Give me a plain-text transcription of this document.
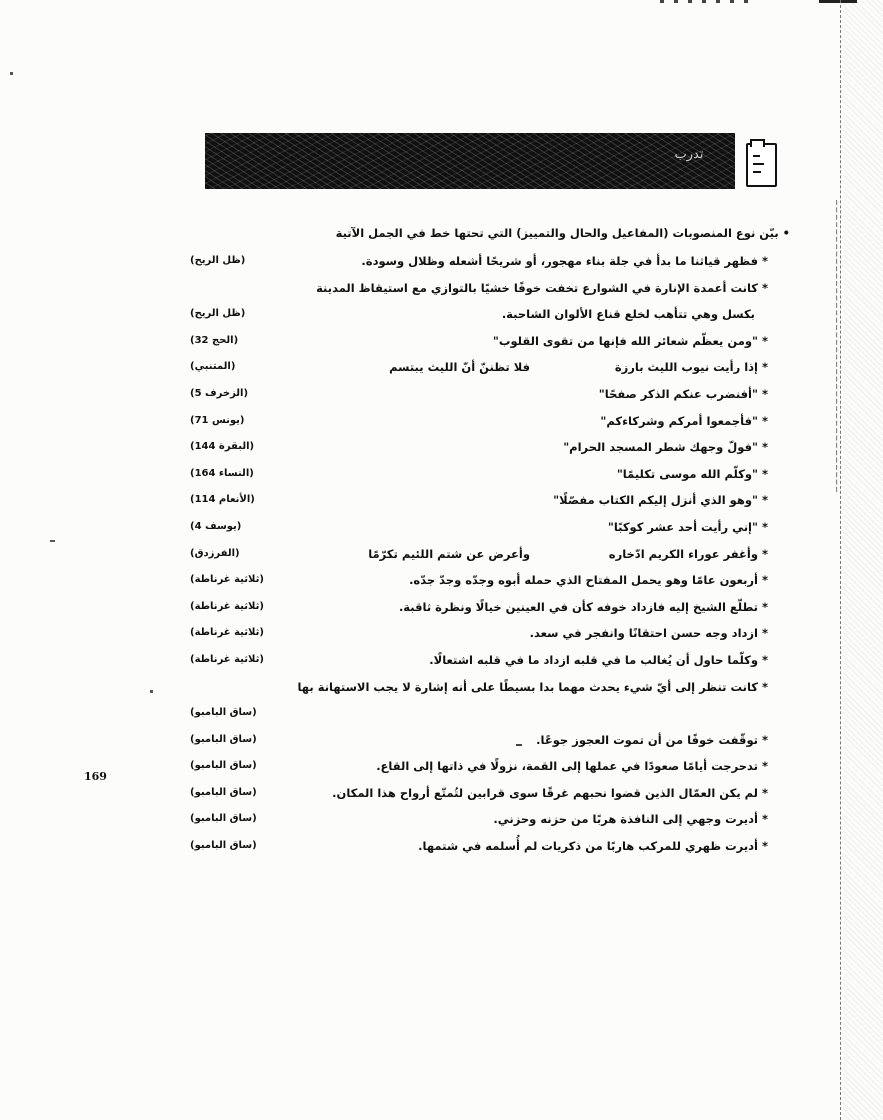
─ ─ ─ ─ ─ ─ ─ ─ ─ ─ ─ ─ ─ ─ ─ ─ ─ ─ ─ ─ ─ ─ ─ ─ ─ ─ ─ ─ ─ ─ ─ ─ ─ ─ ─ ─ ─ ─ ─ ─
تدرب
• بيّن نوع المنصوبات (المفاعيل والحال والتمييز) التي تحتها خط في الجمل الآتية
* فظهر قياثنا ما بدأ في جلة بناء مهجور، أو شريحًا أشعله وظلال وسودة.
(ظل الريح)
* كانت أعمدة الإنارة في الشوارع تخفت خوفًا خشيًا بالتوازي مع استيقاظ المدينة
بكسل وهي تتأهب لخلع قناع الألوان الشاحبة.
(ظل الريح)
* "ومن يعظّم شعائر الله فإنها من تقوى القلوب"
(الحج 32)
* إذا رأيت نيوب الليث بارزة
فلا تظننّ أنّ الليث يبتسم
(المتنبي)
* "أفنضرب عنكم الذكر صفحًا"
(الزخرف 5)
* "فأجمعوا أمركم وشركاءكم"
(يونس 71)
* "فولّ وجهك شطر المسجد الحرام"
(البقرة 144)
* "وكلّم الله موسى تكليمًا"
(النساء 164)
* "وهو الذي أنزل إليكم الكتاب مفصّلًا"
(الأنعام 114)
* "إني رأيت أحد عشر كوكبًا"
(يوسف 4)
* وأغفر عوراء الكريم ادّخاره
وأعرض عن شتم اللئيم تكرّمًا
(الفرزدق)
* أربعون عامًا وهو يحمل المفتاح الذي حمله أبوه وجدّه وجدّ جدّه.
(ثلاثية غرناطة)
* تطلّع الشيخ إليه فازداد خوفه كأن في العينين خيالًا ونظرة ثاقبة.
(ثلاثية غرناطة)
* ازداد وجه حسن احتقانًا وانفجر في سعد.
(ثلاثية غرناطة)
* وكلّما حاول أن يُغالب ما في قلبه ازداد ما في قلبه اشتعالًا.
(ثلاثية غرناطة)
* كانت تنظر إلى أيّ شيء يحدث مهما بدا بسيطًا على أنه إشارة لا يجب الاستهانة بها
(ساق البامبو)
* توقّفت خوفًا من أن تموت العجوز جوعًا.
(ساق البامبو)
* تدحرجت أيامًا صعودًا في عملها إلى القمة، نزولًا في ذاتها إلى القاع.
(ساق البامبو)
* لم يكن العمّال الذين قضوا نحبهم غرقًا سوى قرابين لتُمتّع أرواح هذا المكان.
(ساق البامبو)
* أديرت وجهي إلى النافذة هربًا من حزنه وحزني.
(ساق البامبو)
* أديرت ظهري للمركب هاربًا من ذكريات لم أُسلمه في شتمها.
(ساق البامبو)
169
